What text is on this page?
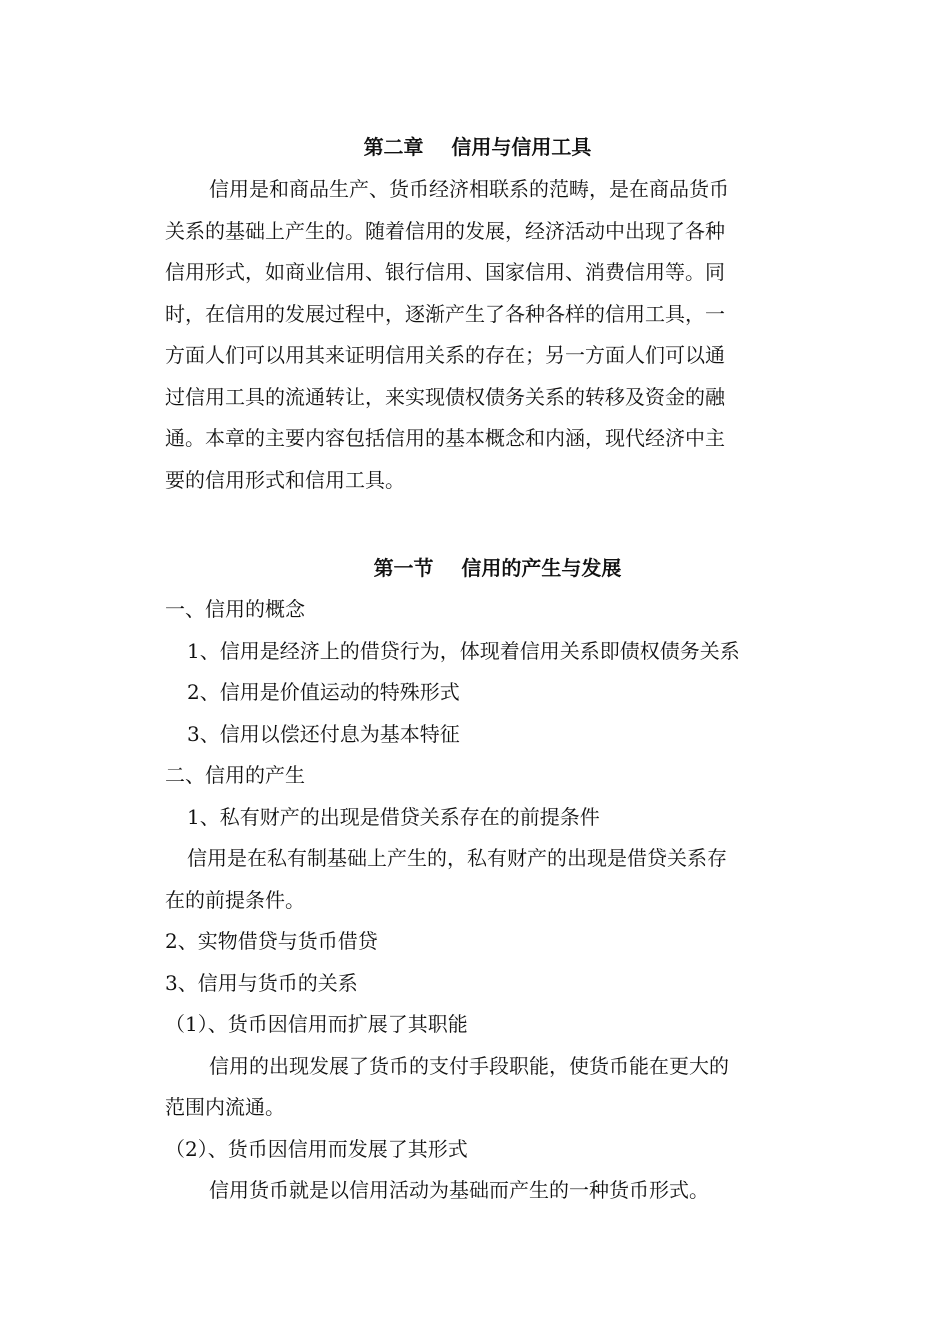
第二章    信用与信用工具
信用是和商品生产、货币经济相联系的范畴，是在商品货币
关系的基础上产生的。随着信用的发展，经济活动中出现了各种
信用形式，如商业信用、银行信用、国家信用、消费信用等。同
时，在信用的发展过程中，逐渐产生了各种各样的信用工具，一
方面人们可以用其来证明信用关系的存在；另一方面人们可以通
过信用工具的流通转让，来实现债权债务关系的转移及资金的融
通。本章的主要内容包括信用的基本概念和内涵，现代经济中主
要的信用形式和信用工具。
第一节    信用的产生与发展
一、信用的概念
1、信用是经济上的借贷行为，体现着信用关系即债权债务关系
2、信用是价值运动的特殊形式
3、信用以偿还付息为基本特征
二、信用的产生
1、私有财产的出现是借贷关系存在的前提条件
信用是在私有制基础上产生的，私有财产的出现是借贷关系存
在的前提条件。
2、实物借贷与货币借贷
3、信用与货币的关系
（1）、货币因信用而扩展了其职能
信用的出现发展了货币的支付手段职能，使货币能在更大的
范围内流通。
（2）、货币因信用而发展了其形式
信用货币就是以信用活动为基础而产生的一种货币形式。
